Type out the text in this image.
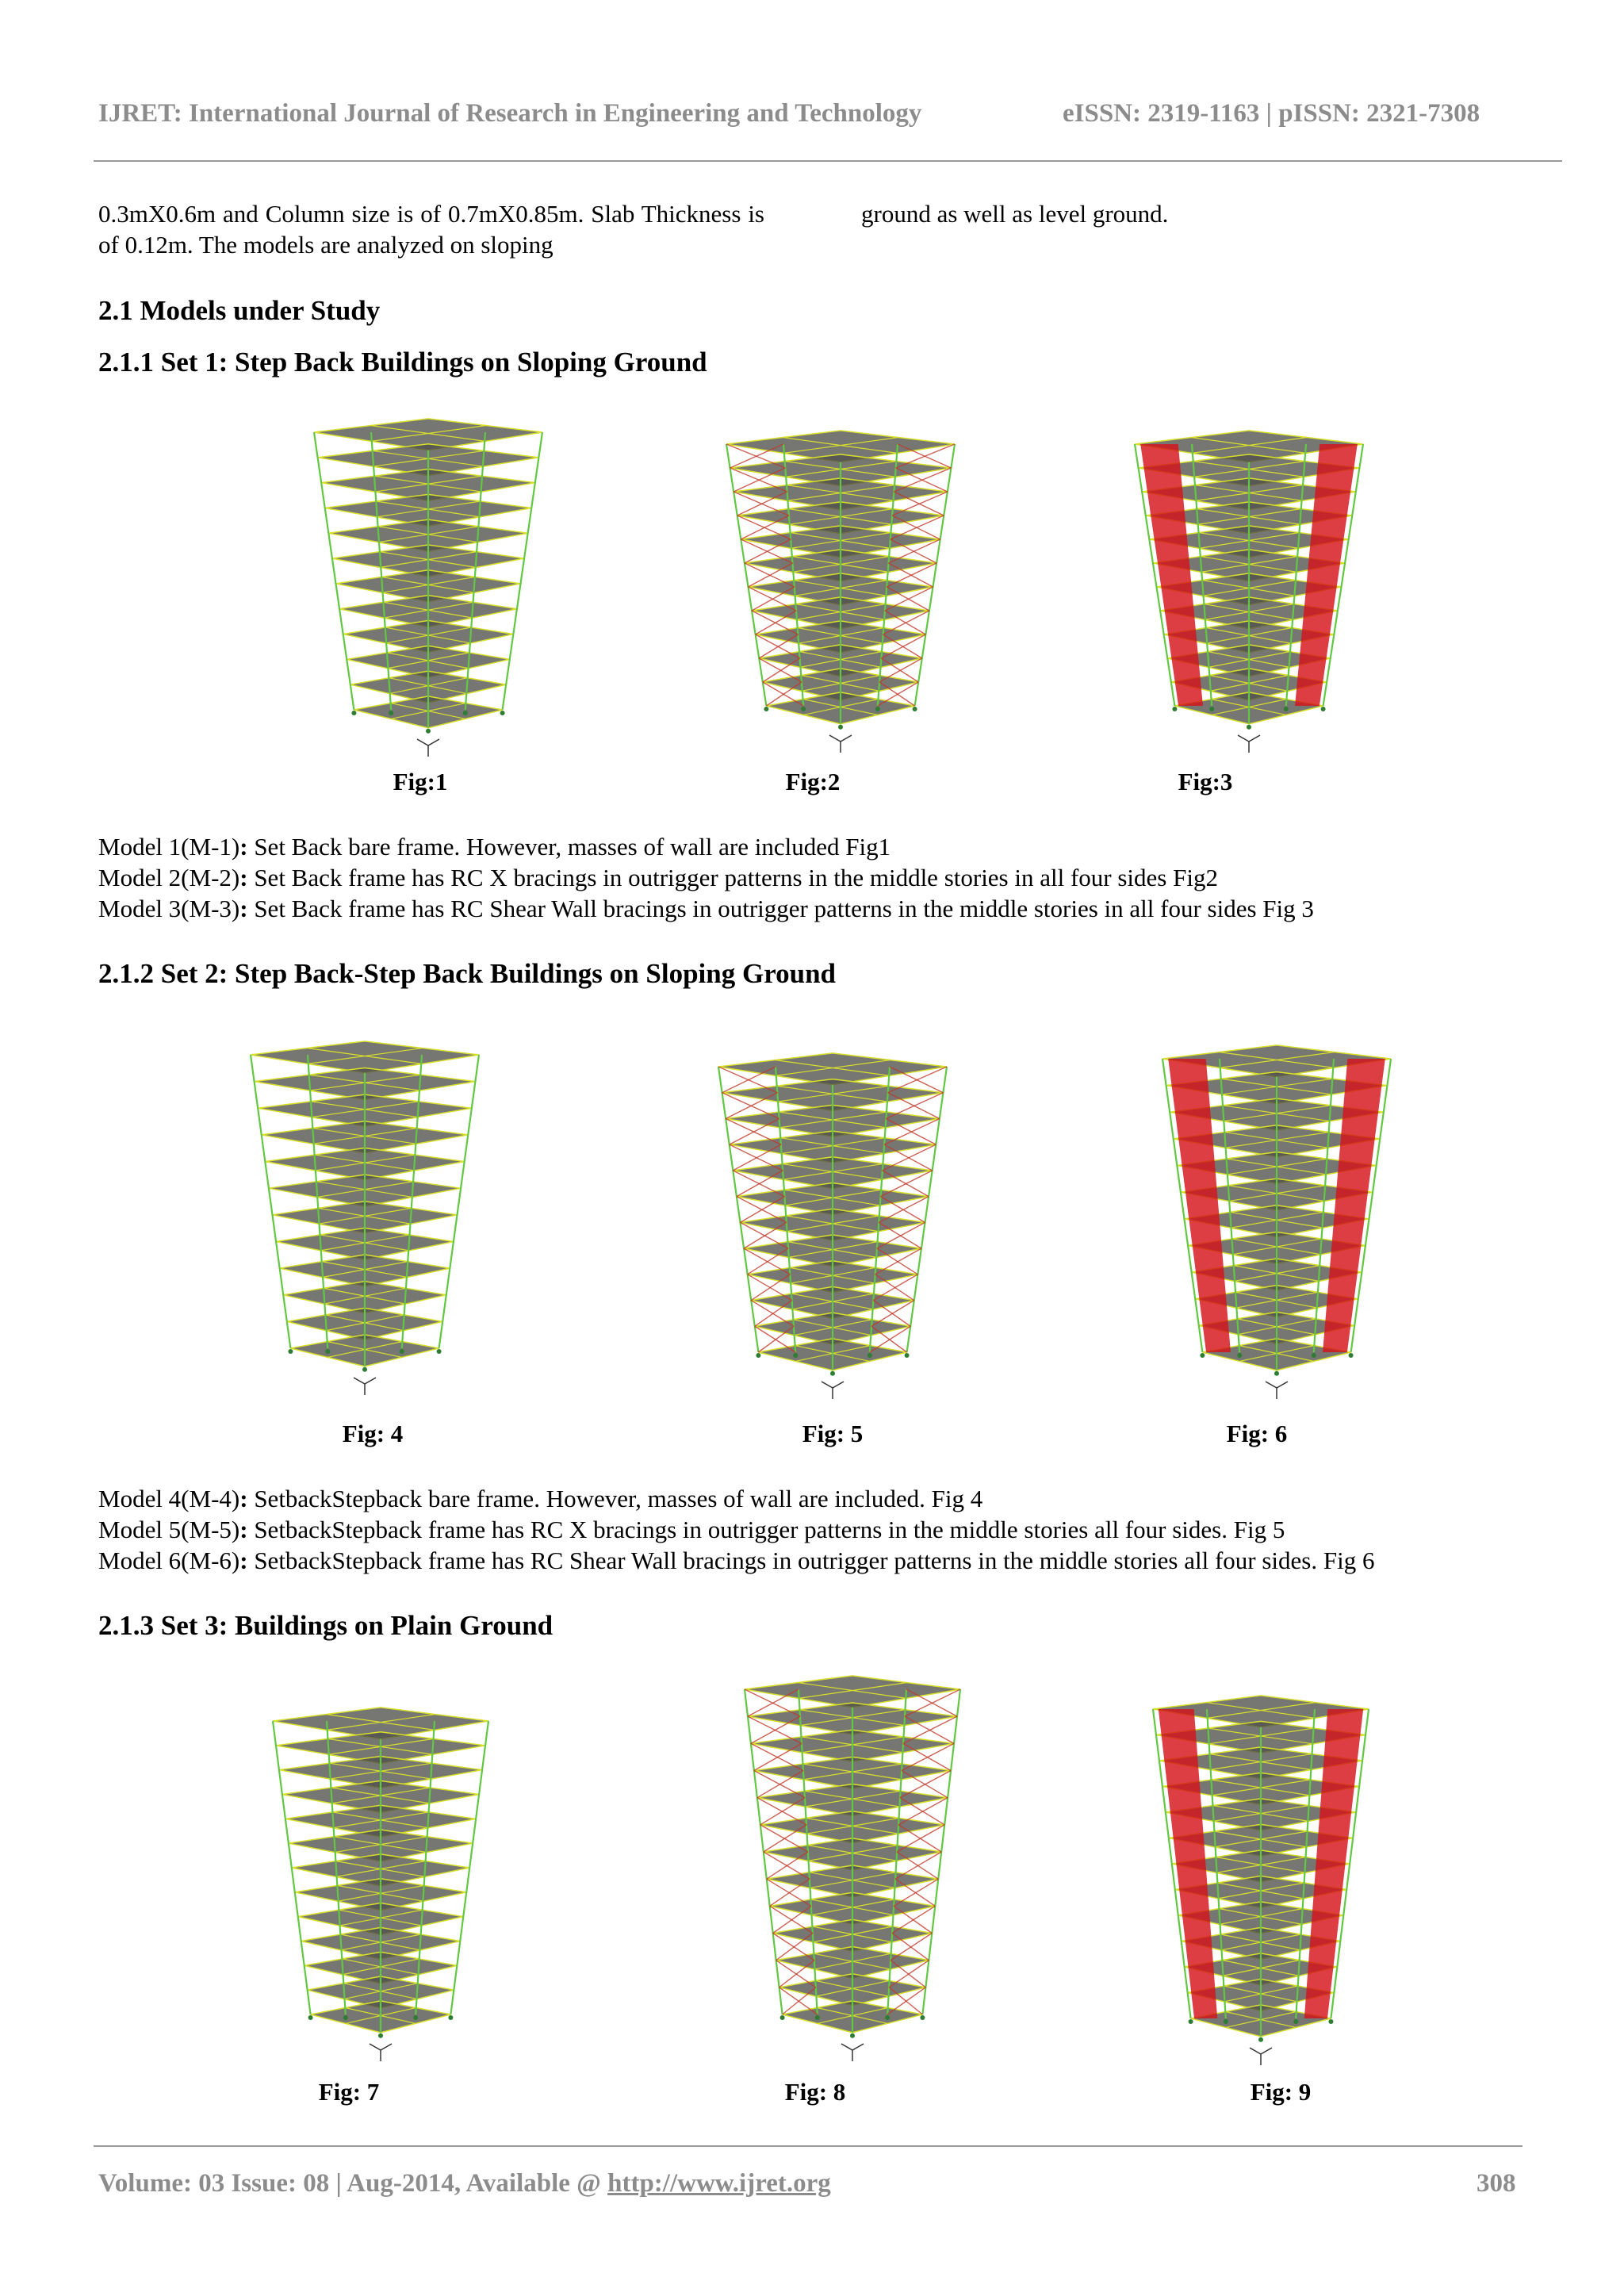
IJRET: International Journal of Research in Engineering and Technology	eISSN: 2319-1163 | pISSN: 2321-7308
0.3mX0.6m and Column size is of 0.7mX0.85m. Slab Thickness is of 0.12m. The models are analyzed on sloping
ground as well as level ground.
2.1 Models under Study
2.1.1 Set 1: Step Back Buildings on Sloping Ground
Fig:1	Fig:2	Fig:3
Model 1(M-1): Set Back bare frame. However, masses of wall are included Fig1
Model 2(M-2): Set Back frame has RC X bracings in outrigger patterns in the middle stories in all four sides Fig2
Model 3(M-3): Set Back frame has RC Shear Wall bracings in outrigger patterns in the middle stories in all four sides Fig 3
2.1.2 Set 2: Step Back-Step Back Buildings on Sloping Ground
Fig: 4	Fig: 5	Fig: 6
Model 4(M-4): SetbackStepback bare frame. However, masses of wall are included. Fig 4
Model 5(M-5): SetbackStepback frame has RC X bracings in outrigger patterns in the middle stories all four sides. Fig 5
Model 6(M-6): SetbackStepback frame has RC Shear Wall bracings in outrigger patterns in the middle stories all four sides. Fig 6
2.1.3 Set 3: Buildings on Plain Ground
Fig: 7	Fig: 8	Fig: 9
Volume: 03 Issue: 08 | Aug-2014, Available @ http://www.ijret.org	308
